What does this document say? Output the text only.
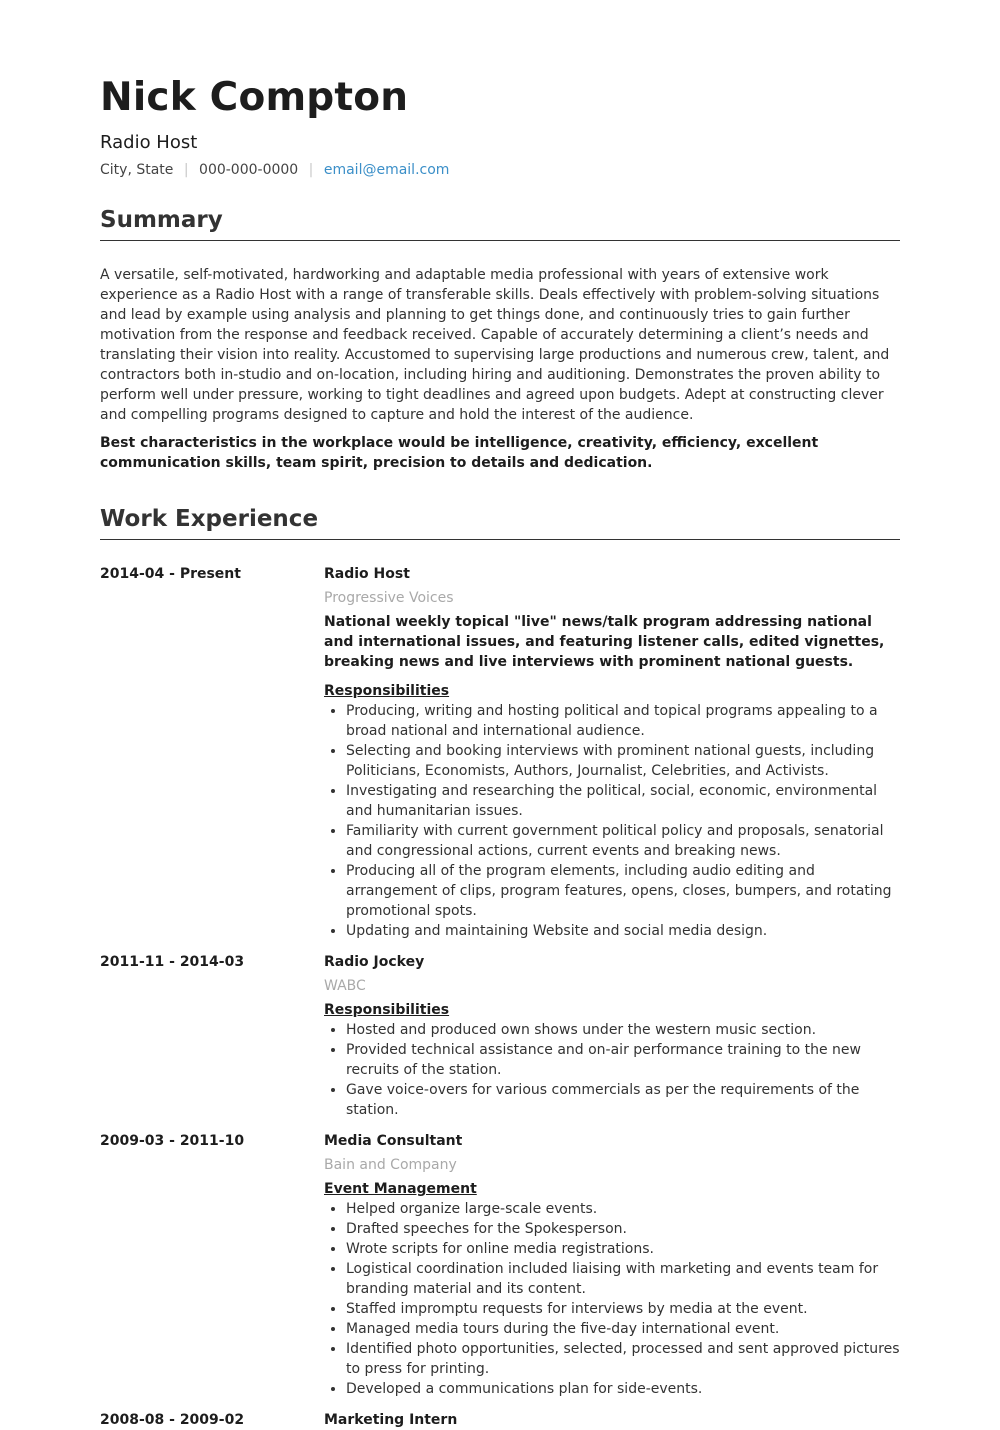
Nick Compton
Radio Host
City, State | 000-000-0000 | email@email.com
Summary

A versatile, self-motivated, hardworking and adaptable media professional with years of extensive work experience as a Radio Host with a range of transferable skills. Deals effectively with problem-solving situations and lead by example using analysis and planning to get things done, and continuously tries to gain further motivation from the response and feedback received. Capable of accurately determining a client’s needs and translating their vision into reality. Accustomed to supervising large productions and numerous crew, talent, and contractors both in-studio and on-location, including hiring and auditioning. Demonstrates the proven ability to perform well under pressure, working to tight deadlines and agreed upon budgets. Adept at constructing clever and compelling programs designed to capture and hold the interest of the audience.

Best characteristics in the workplace would be intelligence, creativity, efficiency, excellent communication skills, team spirit, precision to details and dedication.

Work Experience
2014-04 - Present	Radio Host
Progressive Voices
National weekly topical "live" news/talk program addressing national and international issues, and featuring listener calls, edited vignettes, breaking news and live interviews with prominent national guests.
Responsibilities
• Producing, writing and hosting political and topical programs appealing to a broad national and international audience.
• Selecting and booking interviews with prominent national guests, including Politicians, Economists, Authors, Journalist, Celebrities, and Activists.
• Investigating and researching the political, social, economic, environmental and humanitarian issues.
• Familiarity with current government political policy and proposals, senatorial and congressional actions, current events and breaking news.
• Producing all of the program elements, including audio editing and arrangement of clips, program features, opens, closes, bumpers, and rotating promotional spots.
• Updating and maintaining Website and social media design.
2011-11 - 2014-03	Radio Jockey
WABC
Responsibilities
• Hosted and produced own shows under the western music section.
• Provided technical assistance and on-air performance training to the new recruits of the station.
• Gave voice-overs for various commercials as per the requirements of the station.
2009-03 - 2011-10	Media Consultant
Bain and Company
Event Management
• Helped organize large-scale events.
• Drafted speeches for the Spokesperson.
• Wrote scripts for online media registrations.
• Logistical coordination included liaising with marketing and events team for branding material and its content.
• Staffed impromptu requests for interviews by media at the event.
• Managed media tours during the five-day international event.
• Identified photo opportunities, selected, processed and sent approved pictures to press for printing.
• Developed a communications plan for side-events.
2008-08 - 2009-02	Marketing Intern
